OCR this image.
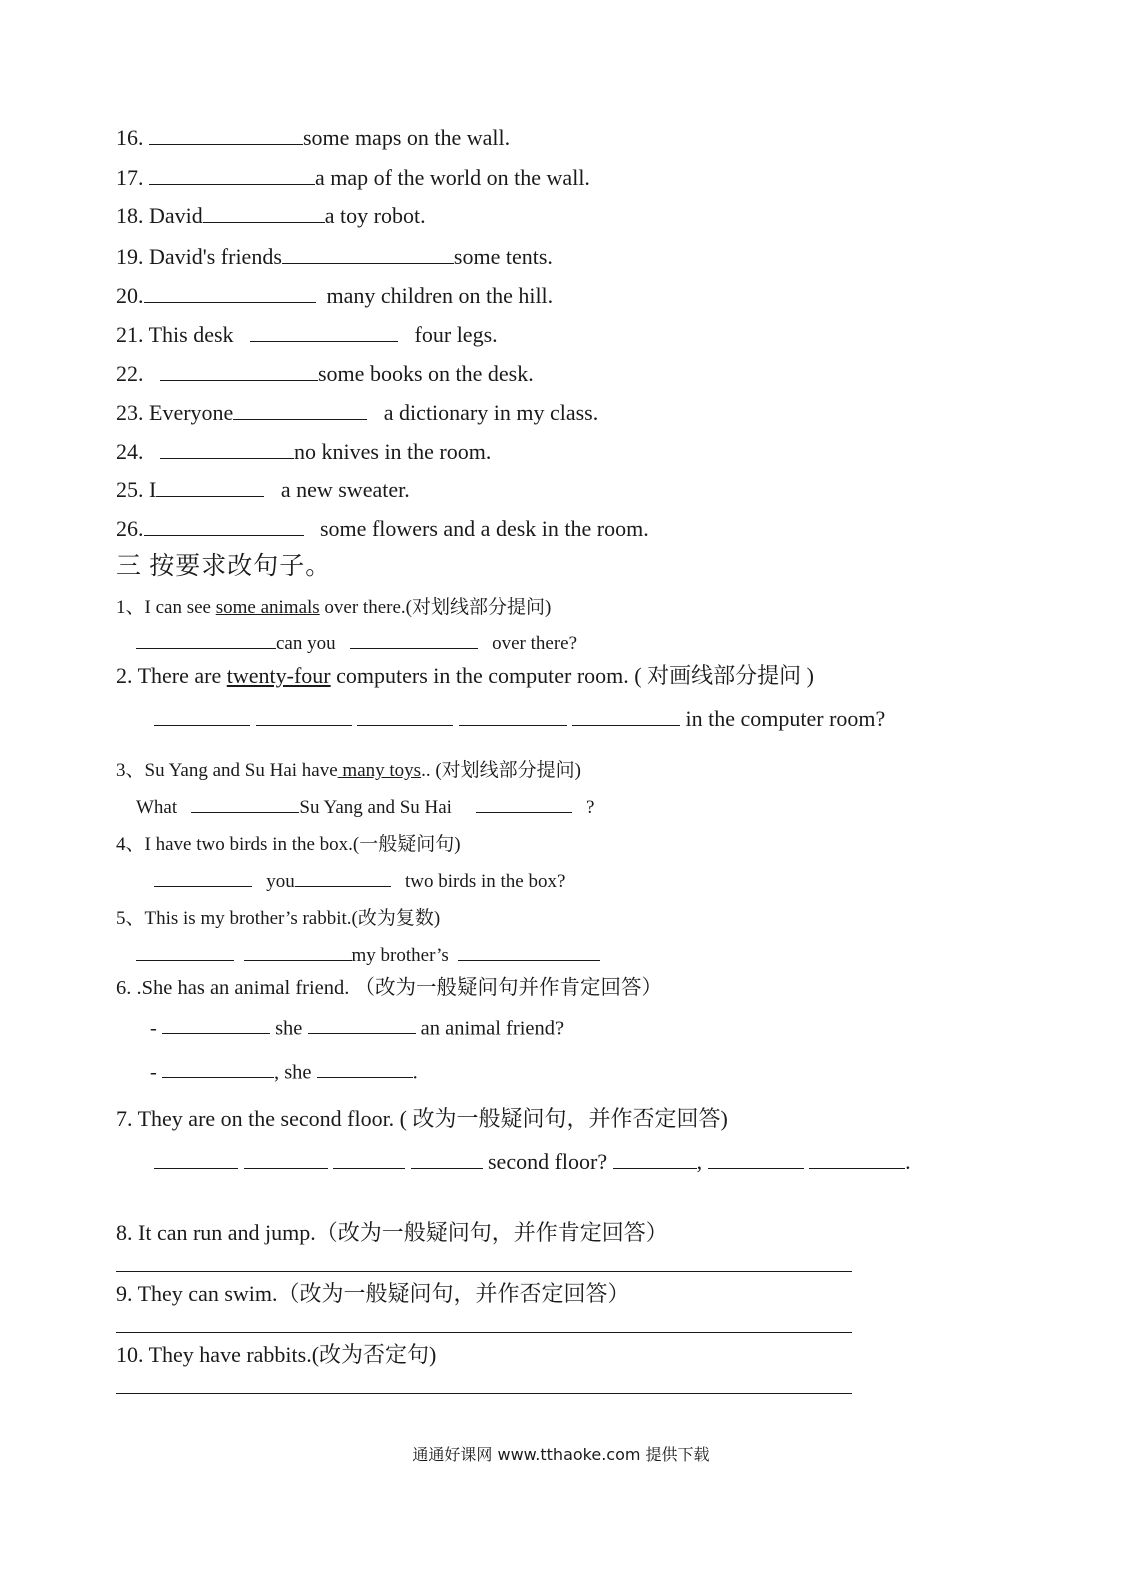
16.	some maps on the wall.
17.	a map of the world on the wall.
18. David	a toy robot.
19. David's friends	some tents.
20.	many children on the hill.
21. This desk	four legs.
22.	some books on the desk.
23. Everyone	a dictionary in my class.
24.	no knives in the room.
25. I	a new sweater.
26.	some flowers and a desk in the room.
三 按要求改句子。
1、I can see some animals over there.(对划线部分提问)
can you	over there?
2. There are twenty-four computers in the computer room. ( 对画线部分提问 )
in the computer room?
3、Su Yang and Su Hai have many toys.. (对划线部分提问)
What	Su Yang and Su Hai	?
4、I have two birds in the box.(一般疑问句)
you	two birds in the box?
5、This is my brother’s rabbit.(改为复数)
my brother’s
6. .She has an animal friend. （改为一般疑问句并作肯定回答）
-	she	an animal friend?
-	, she	.
7. They are on the second floor. ( 改为一般疑问句，并作否定回答)
second floor?	,	.
8. It can run and jump.（改为一般疑问句，并作肯定回答）
9. They can swim.（改为一般疑问句，并作否定回答）
10. They have rabbits.(改为否定句)
通通好课网 www.tthaoke.com 提供下载
